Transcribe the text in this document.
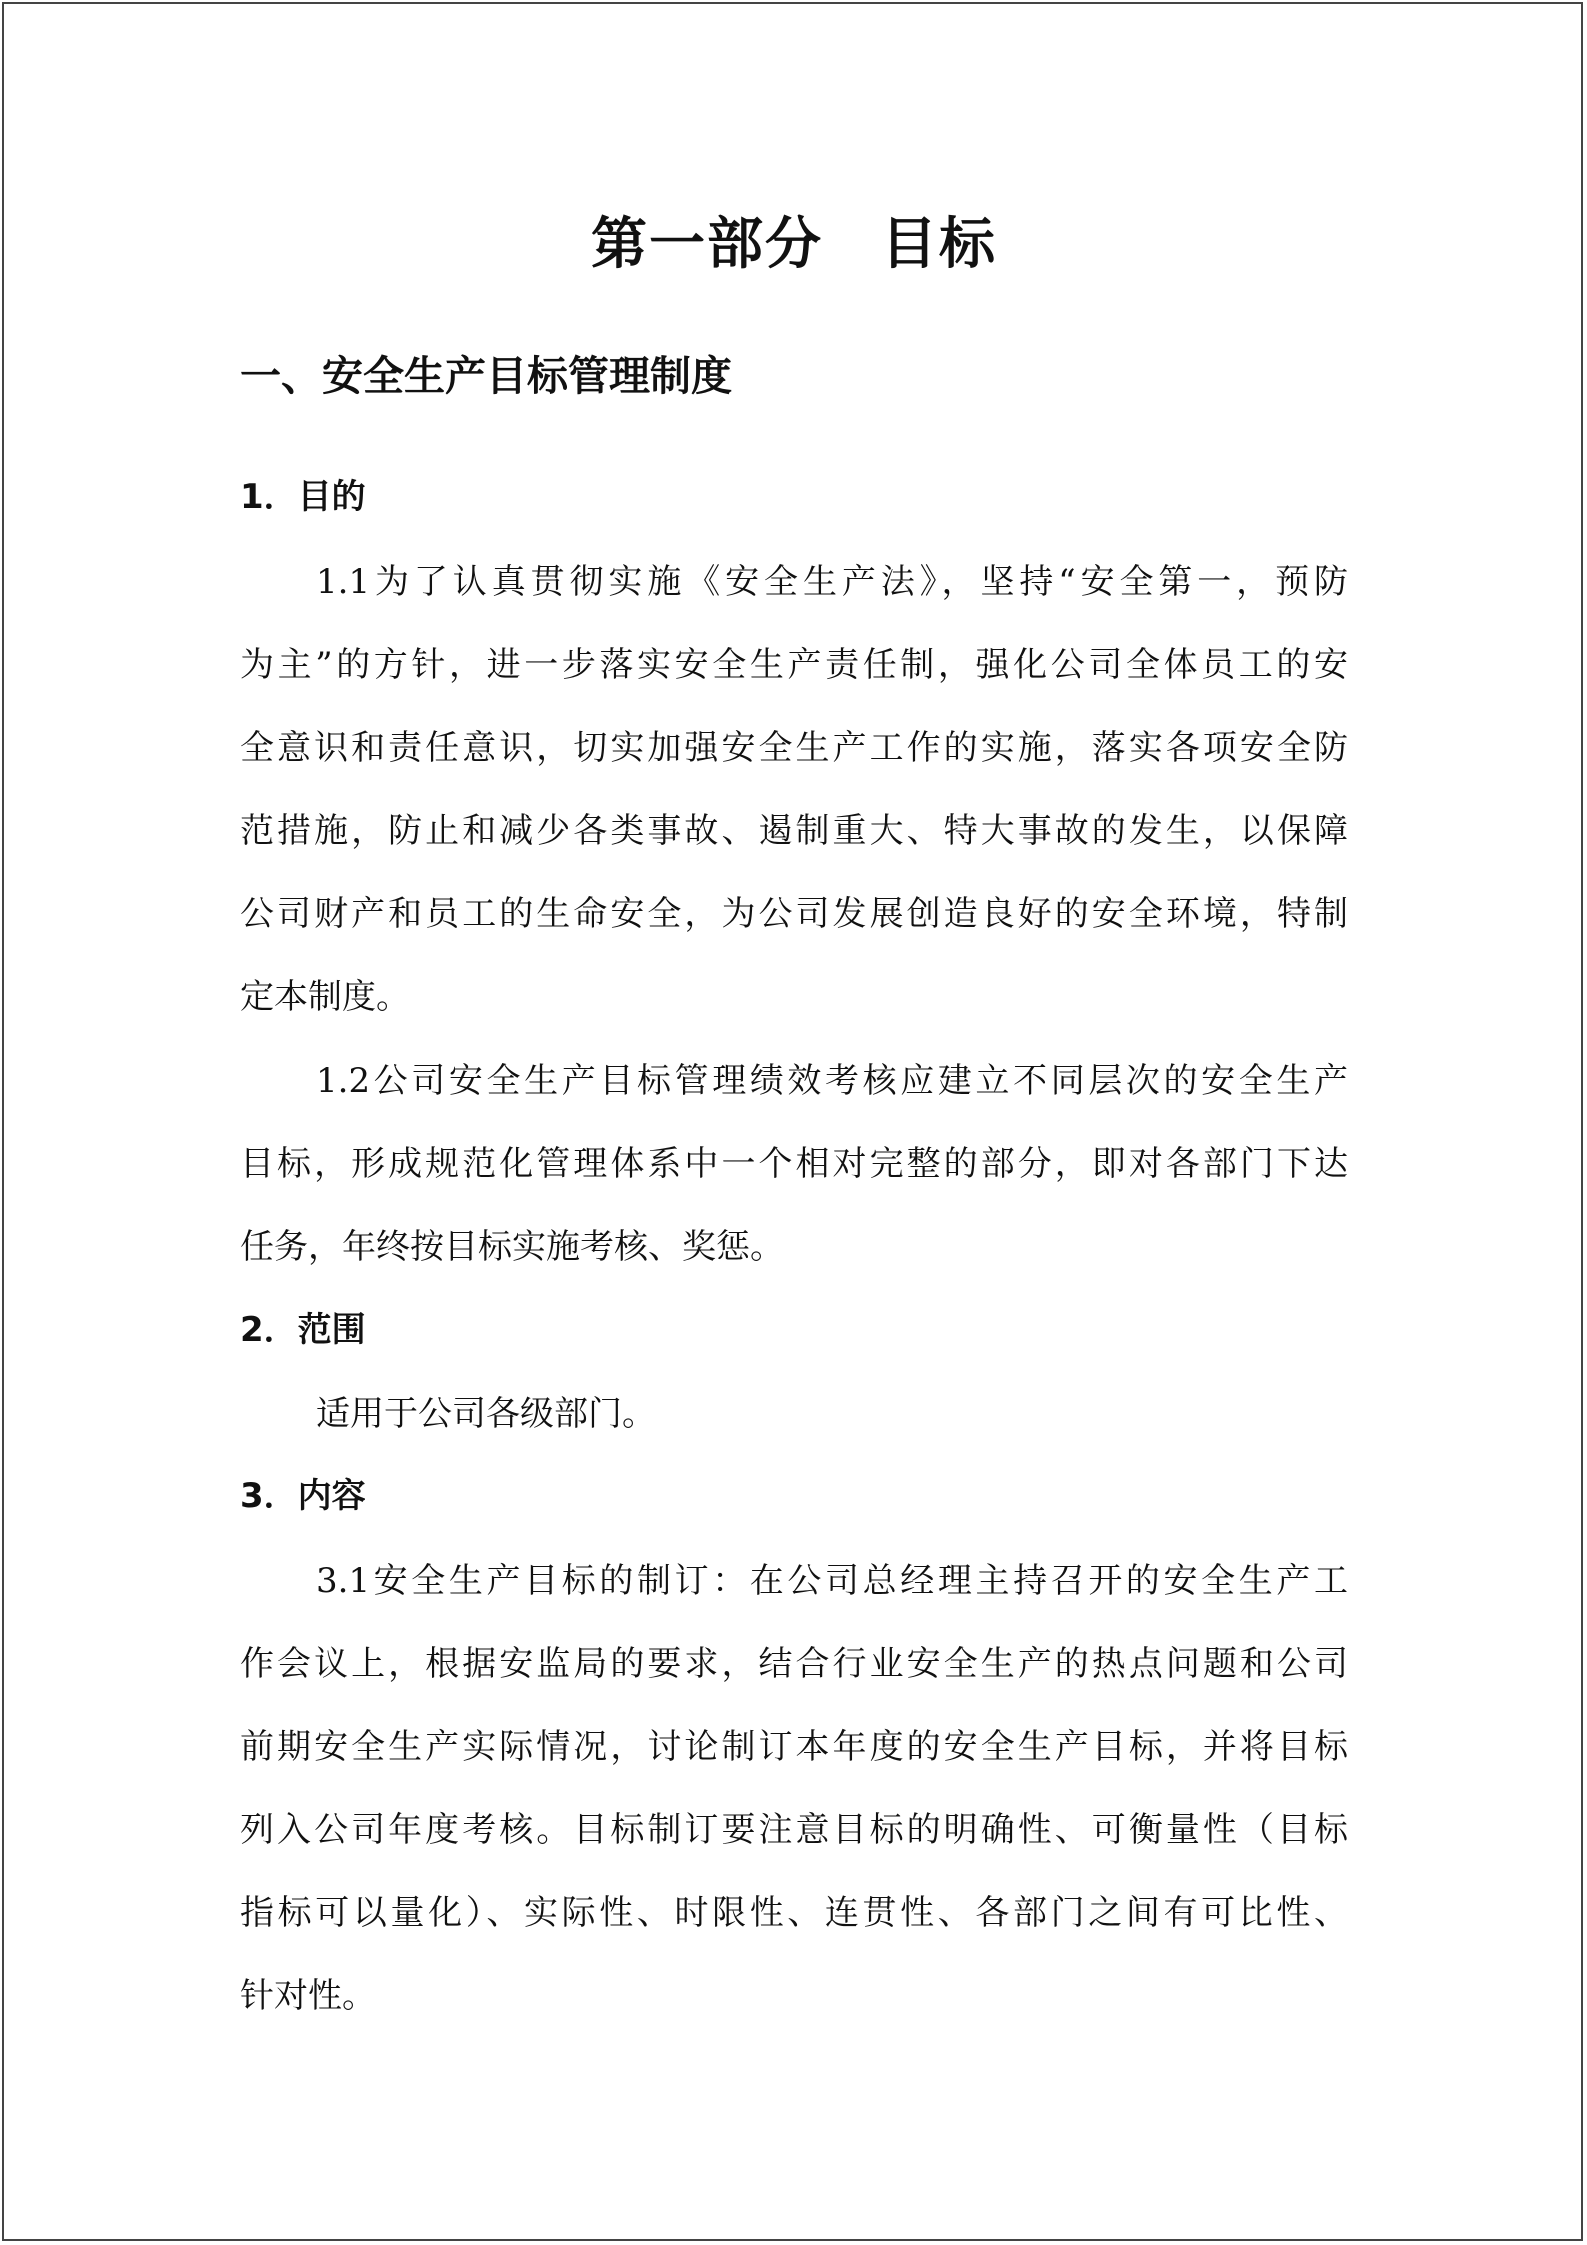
第一部分　目标
一、安全生产目标管理制度
1．目的
1.1为了认真贯彻实施《安全生产法》，坚持“安全第一，预防
为主”的方针，进一步落实安全生产责任制，强化公司全体员工的安
全意识和责任意识，切实加强安全生产工作的实施，落实各项安全防
范措施，防止和减少各类事故、遏制重大、特大事故的发生，以保障
公司财产和员工的生命安全，为公司发展创造良好的安全环境，特制
定本制度。
1.2公司安全生产目标管理绩效考核应建立不同层次的安全生产
目标，形成规范化管理体系中一个相对完整的部分，即对各部门下达
任务，年终按目标实施考核、奖惩。
2．范围
适用于公司各级部门。
3．内容
3.1安全生产目标的制订：在公司总经理主持召开的安全生产工
作会议上，根据安监局的要求，结合行业安全生产的热点问题和公司
前期安全生产实际情况，讨论制订本年度的安全生产目标，并将目标
列入公司年度考核。目标制订要注意目标的明确性、可衡量性（目标
指标可以量化）、实际性、时限性、连贯性、各部门之间有可比性、
针对性。
